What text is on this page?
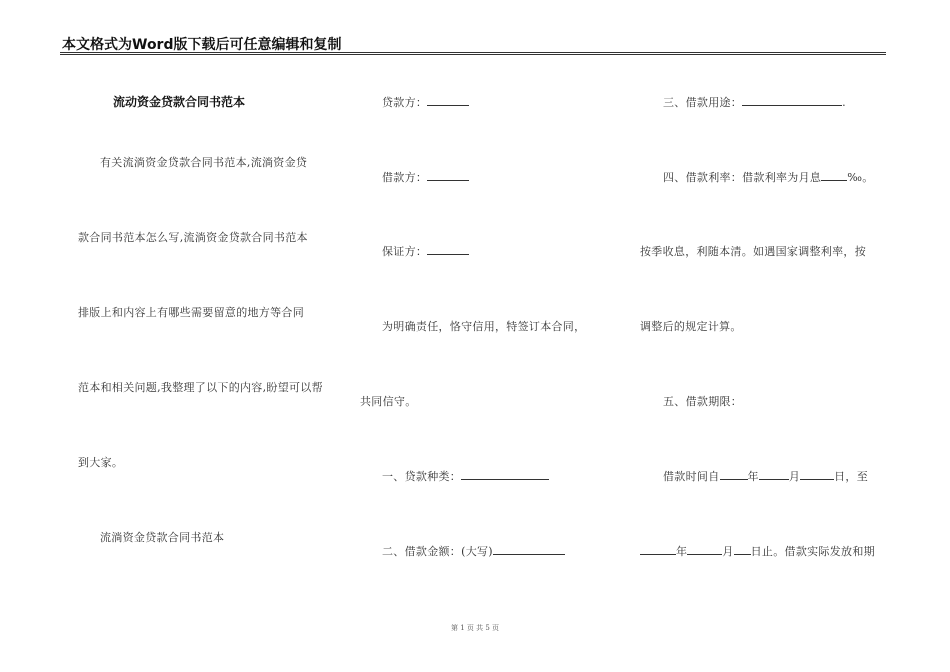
本文格式为Word版下载后可任意编辑和复制
流动资金贷款合同书范本
有关流淌资金贷款合同书范本,流淌资金贷
款合同书范本怎么写,流淌资金贷款合同书范本
排版上和内容上有哪些需要留意的地方等合同
范本和相关问题,我整理了以下的内容,盼望可以帮
到大家。
流淌资金贷款合同书范本
贷款方：
借款方：
保证方：
为明确责任，恪守信用，特签订本合同，
共同信守。
一、贷款种类：
二、借款金额：(大写)
三、借款用途：	.
四、借款利率：借款利率为月息 ‰。
按季收息，利随本清。如遇国家调整利率，按
调整后的规定计算。
五、借款期限：
借款时间自	年	月	日，至
年	月 日止。借款实际发放和期
第 1 页 共 5 页
